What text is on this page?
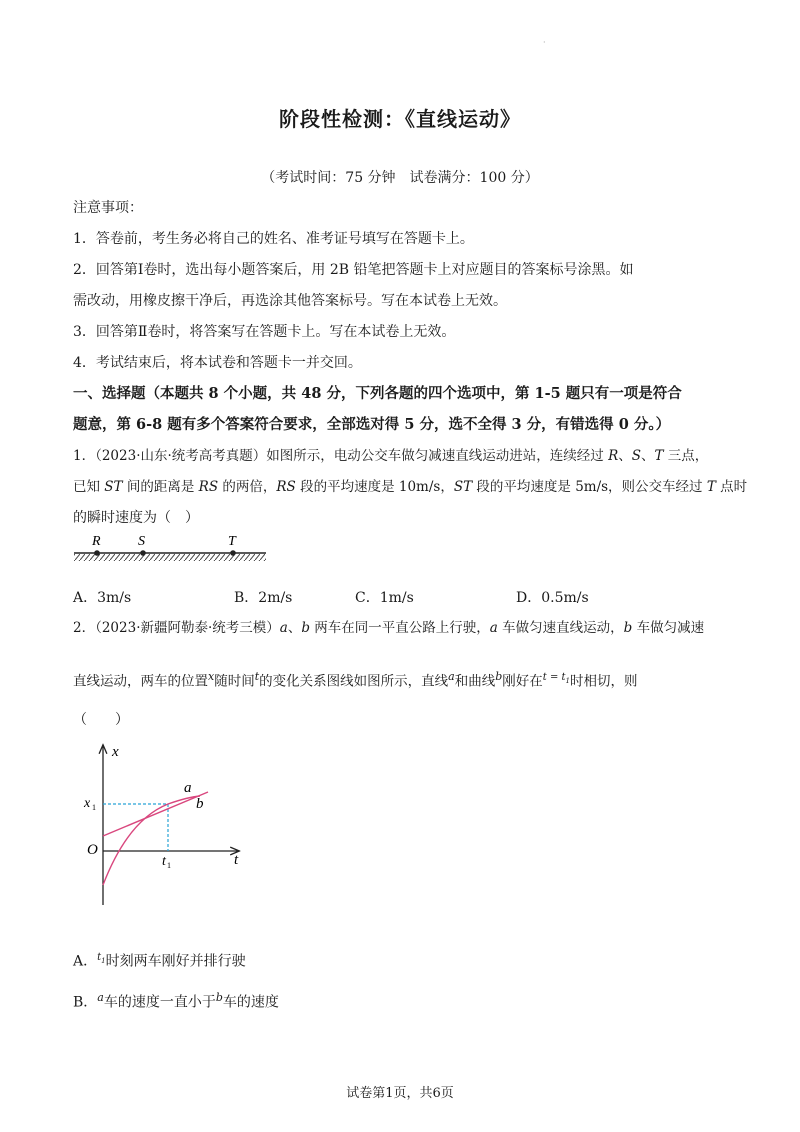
·
阶段性检测：《直线运动》
（考试时间：75 分钟　试卷满分：100 分）
注意事项：
1．答卷前，考生务必将自己的姓名、准考证号填写在答题卡上。
2．回答第Ⅰ卷时，选出每小题答案后，用 2B 铅笔把答题卡上对应题目的答案标号涂黑。如
需改动，用橡皮擦干净后，再选涂其他答案标号。写在本试卷上无效。
3．回答第Ⅱ卷时，将答案写在答题卡上。写在本试卷上无效。
4．考试结束后，将本试卷和答题卡一并交回。
一、选择题（本题共 8 个小题，共 48 分，下列各题的四个选项中，第 1-5 题只有一项是符合
题意，第 6-8 题有多个答案符合要求，全部选对得 5 分，选不全得 3 分，有错选得 0 分。）
1．（2023·山东·统考高考真题）如图所示，电动公交车做匀减速直线运动进站，连续经过 R、S、T 三点，
已知 ST 间的距离是 RS 的两倍，RS 段的平均速度是 10m/s，ST 段的平均速度是 5m/s，则公交车经过 T 点时
的瞬时速度为（　）
R	S	T
A．3m/s	B．2m/s	C．1m/s	D．0.5m/s
2．（2023·新疆阿勒泰·统考三模）a、b 两车在同一平直公路上行驶，a 车做匀速直线运动，b 车做匀减速
直线运动，两车的位置$^x$随时间$^t$的变化关系图线如图所示，直线$^a$和曲线$^b$刚好在$^{t = t_1}$时相切，则
（　　）
x
t
O
x 1
t 1
a
b
A．$^{t_1}$时刻两车刚好并排行驶
B．$^a$车的速度一直小于$^b$车的速度
试卷第1页，共6页
